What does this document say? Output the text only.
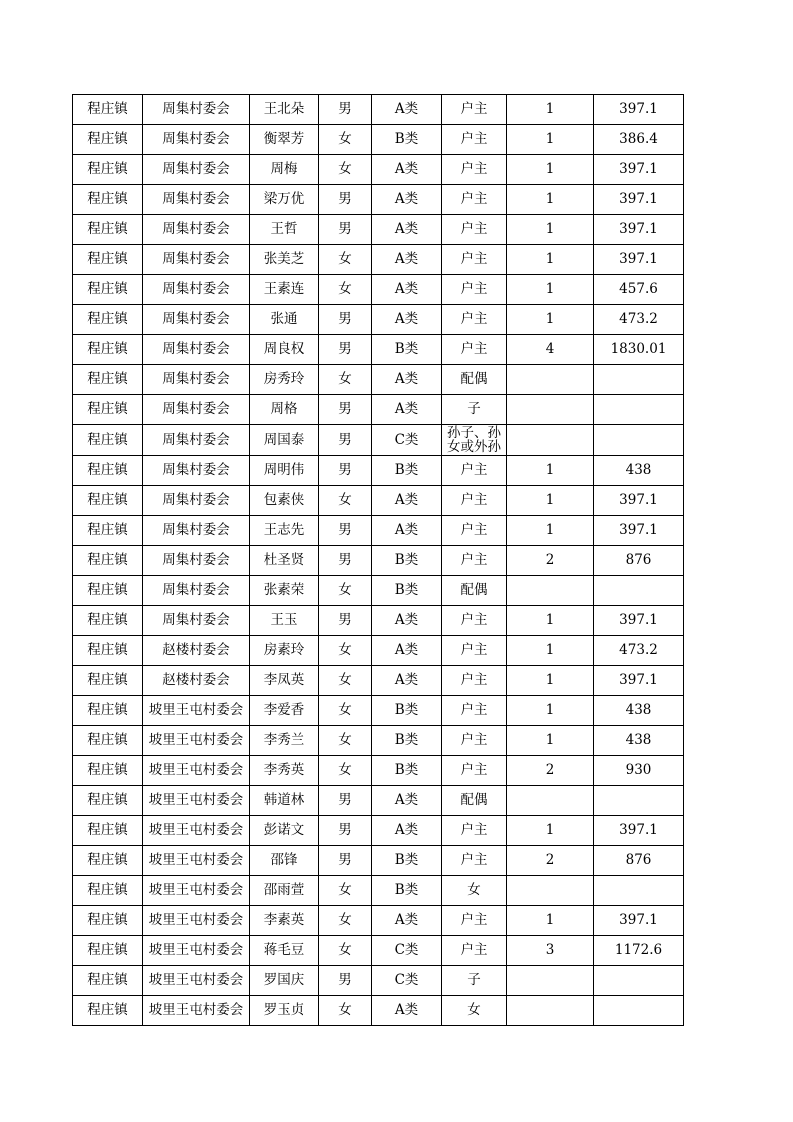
程庄镇	周集村委会	王北朵	男	A类	户主	1	397.1
程庄镇	周集村委会	衡翠芳	女	B类	户主	1	386.4
程庄镇	周集村委会	周梅	女	A类	户主	1	397.1
程庄镇	周集村委会	梁万优	男	A类	户主	1	397.1
程庄镇	周集村委会	王哲	男	A类	户主	1	397.1
程庄镇	周集村委会	张美芝	女	A类	户主	1	397.1
程庄镇	周集村委会	王素连	女	A类	户主	1	457.6
程庄镇	周集村委会	张通	男	A类	户主	1	473.2
程庄镇	周集村委会	周良权	男	B类	户主	4	1830.01
程庄镇	周集村委会	房秀玲	女	A类	配偶		
程庄镇	周集村委会	周格	男	A类	子		
程庄镇	周集村委会	周国泰	男	C类	孙子、孙女或外孙		
程庄镇	周集村委会	周明伟	男	B类	户主	1	438
程庄镇	周集村委会	包素侠	女	A类	户主	1	397.1
程庄镇	周集村委会	王志先	男	A类	户主	1	397.1
程庄镇	周集村委会	杜圣贤	男	B类	户主	2	876
程庄镇	周集村委会	张素荣	女	B类	配偶		
程庄镇	周集村委会	王玉	男	A类	户主	1	397.1
程庄镇	赵楼村委会	房素玲	女	A类	户主	1	473.2
程庄镇	赵楼村委会	李凤英	女	A类	户主	1	397.1
程庄镇	坡里王屯村委会	李爱香	女	B类	户主	1	438
程庄镇	坡里王屯村委会	李秀兰	女	B类	户主	1	438
程庄镇	坡里王屯村委会	李秀英	女	B类	户主	2	930
程庄镇	坡里王屯村委会	韩道林	男	A类	配偶		
程庄镇	坡里王屯村委会	彭诺文	男	A类	户主	1	397.1
程庄镇	坡里王屯村委会	邵锋	男	B类	户主	2	876
程庄镇	坡里王屯村委会	邵雨萱	女	B类	女		
程庄镇	坡里王屯村委会	李素英	女	A类	户主	1	397.1
程庄镇	坡里王屯村委会	蒋毛豆	女	C类	户主	3	1172.6
程庄镇	坡里王屯村委会	罗国庆	男	C类	子		
程庄镇	坡里王屯村委会	罗玉贞	女	A类	女		
